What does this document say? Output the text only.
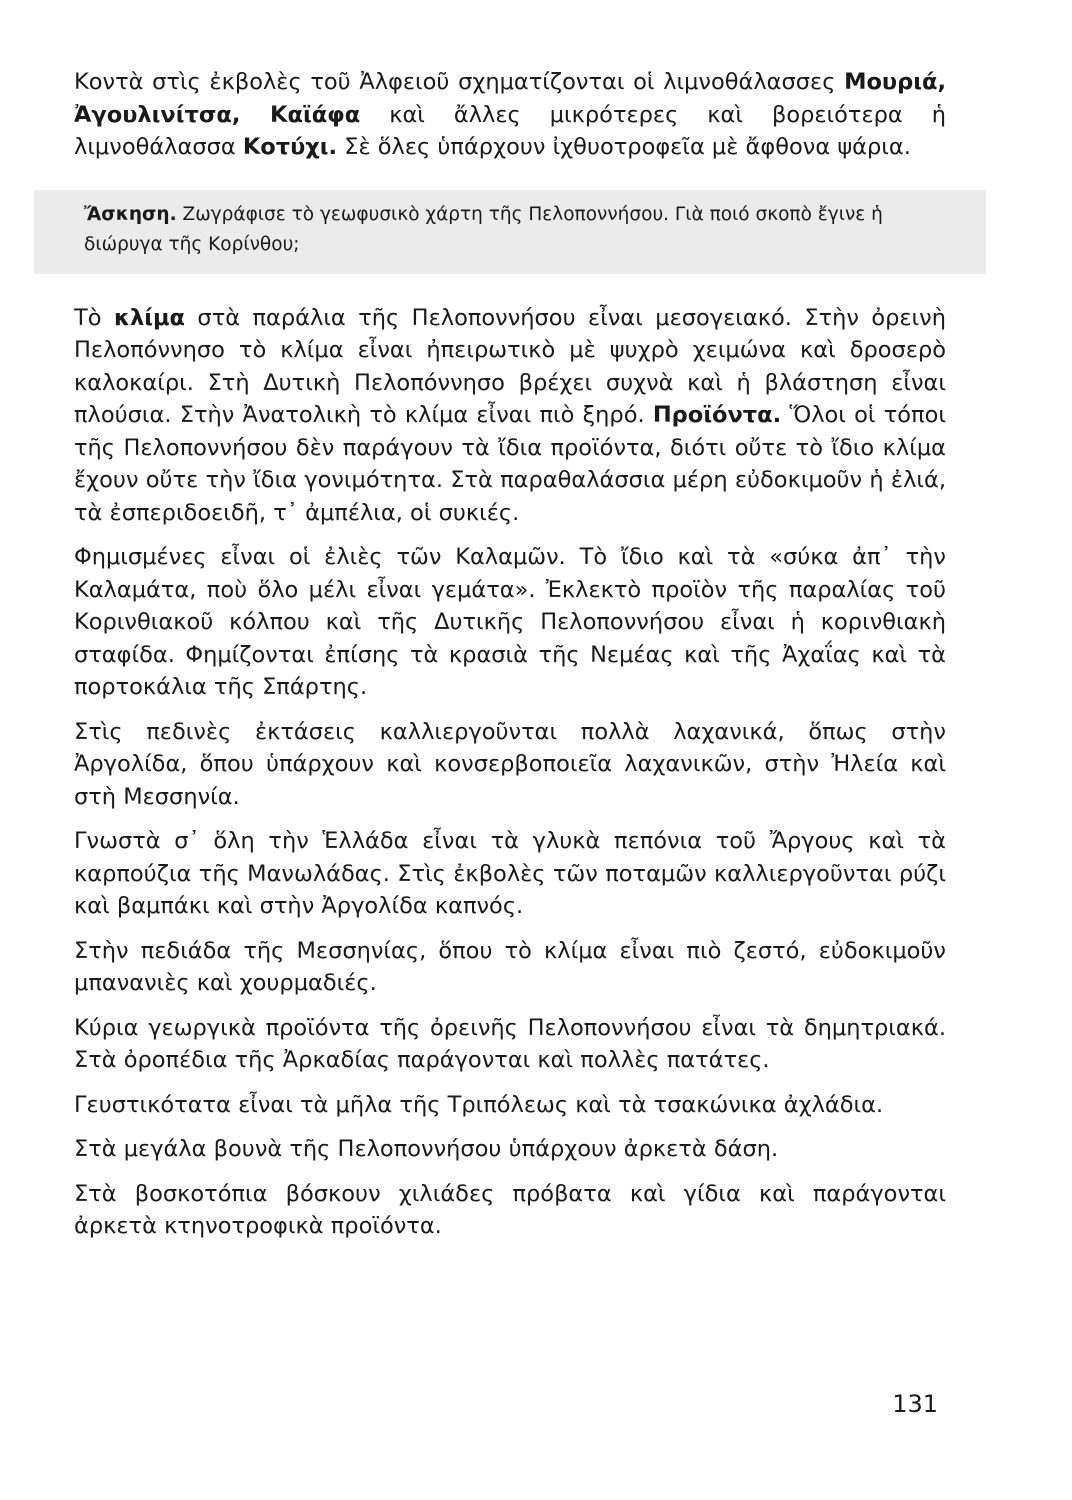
Κοντὰ στὶς ἐκβολὲς τοῦ Ἀλφειοῦ σχηματίζονται οἱ λιμνοθάλασσες Μουριά, Ἀγουλινίτσα, Καϊάφα καὶ ἄλλες μικρότερες καὶ βορειότερα ἡ λιμνοθάλασσα Κοτύχι. Σὲ ὅλες ὑπάρχουν ἰχθυοτροφεῖα μὲ ἄφθονα ψάρια.

Ἄσκηση. Ζωγράφισε τὸ γεωφυσικὸ χάρτη τῆς Πελοποννήσου. Γιὰ ποιό σκοπὸ ἔγινε ἡ διώρυγα τῆς Κορίνθου;

Τὸ κλίμα στὰ παράλια τῆς Πελοποννήσου εἶναι μεσογειακό. Στὴν ὀρεινὴ Πελοπόννησο τὸ κλίμα εἶναι ἠπειρωτικὸ μὲ ψυχρὸ χειμώνα καὶ δροσερὸ καλοκαίρι. Στὴ Δυτικὴ Πελοπόννησο βρέχει συχνὰ καὶ ἡ βλάστηση εἶναι πλούσια. Στὴν Ἀνατολικὴ τὸ κλίμα εἶναι πιὸ ξηρό. Προϊόντα. Ὅλοι οἱ τόποι τῆς Πελοποννήσου δὲν παράγουν τὰ ἴδια προϊόντα, διότι οὔτε τὸ ἴδιο κλίμα ἔχουν οὔτε τὴν ἴδια γονιμότητα. Στὰ παραθαλάσσια μέρη εὐδοκιμοῦν ἡ ἐλιά, τὰ ἐσπεριδοειδῆ, τ᾽ ἀμπέλια, οἱ συκιές.

Φημισμένες εἶναι οἱ ἐλιὲς τῶν Καλαμῶν. Τὸ ἴδιο καὶ τὰ «σύκα ἀπ᾽ τὴν Καλαμάτα, ποὺ ὅλο μέλι εἶναι γεμάτα». Ἐκλεκτὸ προϊὸν τῆς παραλίας τοῦ Κορινθιακοῦ κόλπου καὶ τῆς Δυτικῆς Πελοποννήσου εἶναι ἡ κορινθιακὴ σταφίδα. Φημίζονται ἐπίσης τὰ κρασιὰ τῆς Νεμέας καὶ τῆς Ἀχαΐας καὶ τὰ πορτοκάλια τῆς Σπάρτης.

Στὶς πεδινὲς ἐκτάσεις καλλιεργοῦνται πολλὰ λαχανικά, ὅπως στὴν Ἀργολίδα, ὅπου ὑπάρχουν καὶ κονσερβοποιεῖα λαχανικῶν, στὴν Ἠλεία καὶ στὴ Μεσσηνία.

Γνωστὰ σ᾽ ὅλη τὴν Ἑλλάδα εἶναι τὰ γλυκὰ πεπόνια τοῦ Ἄργους καὶ τὰ καρπούζια τῆς Μανωλάδας. Στὶς ἐκβολὲς τῶν ποταμῶν καλλιεργοῦνται ρύζι καὶ βαμπάκι καὶ στὴν Ἀργολίδα καπνός.

Στὴν πεδιάδα τῆς Μεσσηνίας, ὅπου τὸ κλίμα εἶναι πιὸ ζεστό, εὐδοκιμοῦν μπανανιὲς καὶ χουρμαδιές.

Κύρια γεωργικὰ προϊόντα τῆς ὀρεινῆς Πελοποννήσου εἶναι τὰ δημητριακά. Στὰ ὀροπέδια τῆς Ἀρκαδίας παράγονται καὶ πολλὲς πατάτες.

Γευστικότατα εἶναι τὰ μῆλα τῆς Τριπόλεως καὶ τὰ τσακώνικα ἀχλάδια.

Στὰ μεγάλα βουνὰ τῆς Πελοποννήσου ὑπάρχουν ἀρκετὰ δάση.

Στὰ βοσκοτόπια βόσκουν χιλιάδες πρόβατα καὶ γίδια καὶ παράγονται ἀρκετὰ κτηνοτροφικὰ προϊόντα.

131
